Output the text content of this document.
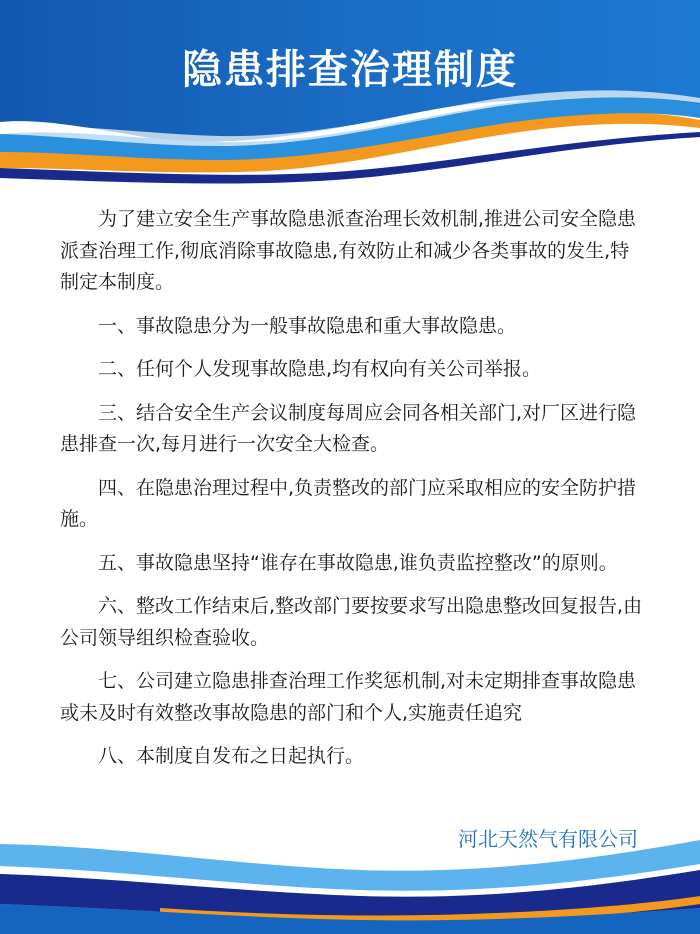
隐患排查治理制度

为了建立安全生产事故隐患派查治理长效机制,推进公司安全隐患派查治理工作,彻底消除事故隐患,有效防止和减少各类事故的发生,特制定本制度。

一、事故隐患分为一般事故隐患和重大事故隐患。

二、任何个人发现事故隐患,均有权向有关公司举报。

三、结合安全生产会议制度每周应会同各相关部门,对厂区进行隐患排查一次,每月进行一次安全大检查。

四、在隐患治理过程中,负责整改的部门应采取相应的安全防护措施。

五、事故隐患坚持“谁存在事故隐患,谁负责监控整改”的原则。

六、整改工作结束后,整改部门要按要求写出隐患整改回复报告,由公司领导组织检查验收。

七、公司建立隐患排查治理工作奖惩机制,对未定期排查事故隐患或未及时有效整改事故隐患的部门和个人,实施责任追究

八、本制度自发布之日起执行。

河北天然气有限公司
